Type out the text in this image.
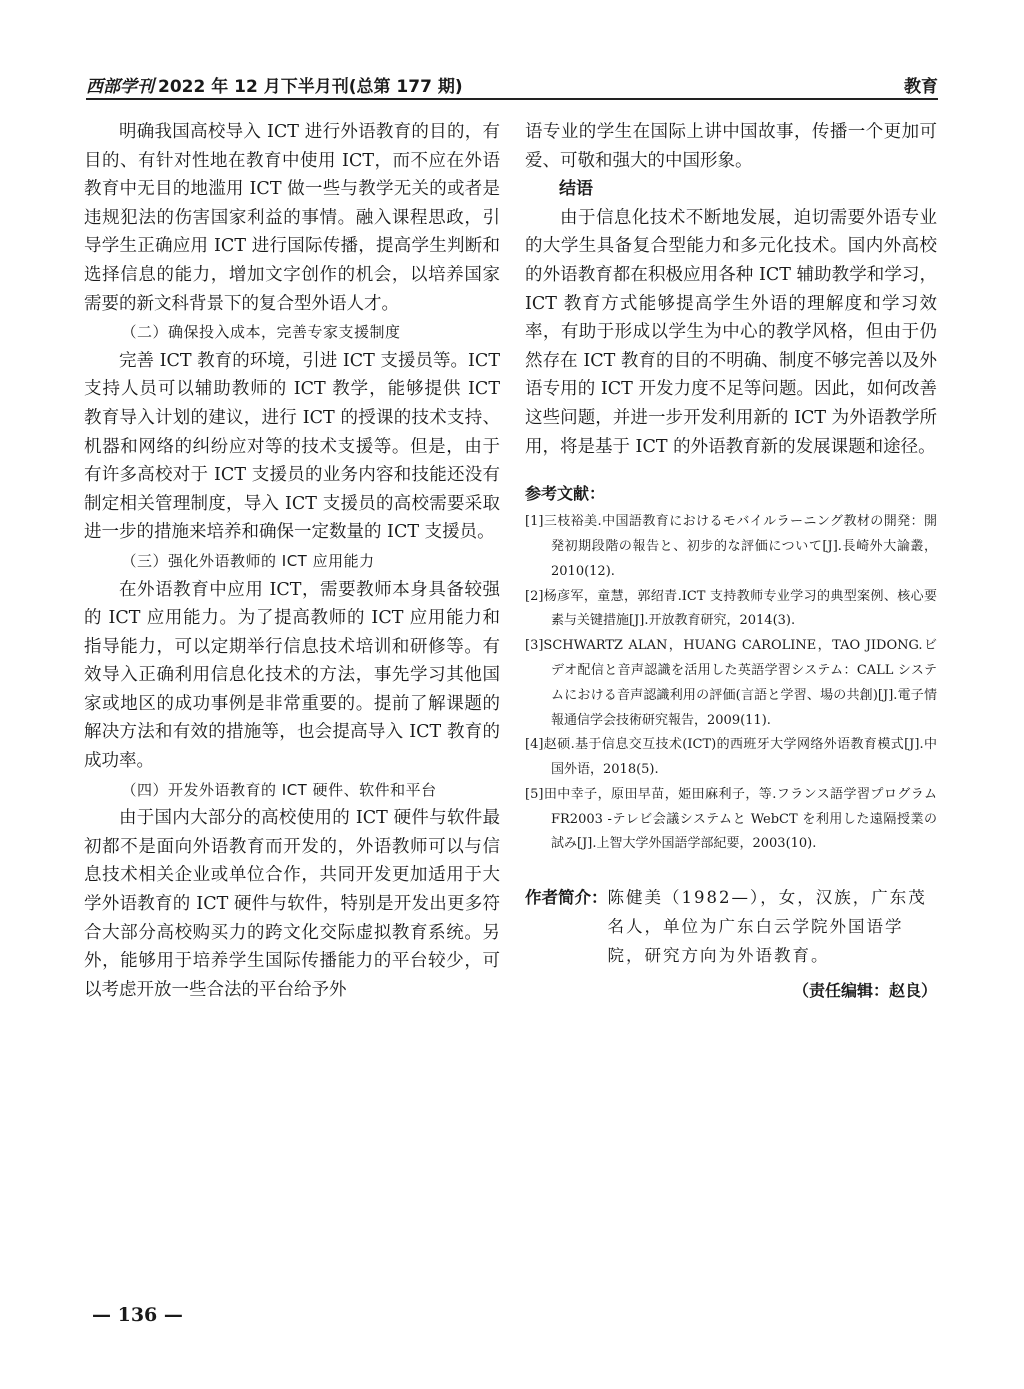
西部学刊 2022 年 12 月下半月刊(总第 177 期)	教育

明确我国高校导入 ICT 进行外语教育的目的，有目的、有针对性地在教育中使用 ICT，而不应在外语教育中无目的地滥用 ICT 做一些与教学无关的或者是违规犯法的伤害国家利益的事情。融入课程思政，引导学生正确应用 ICT 进行国际传播，提高学生判断和选择信息的能力，增加文字创作的机会，以培养国家需要的新文科背景下的复合型外语人才。

（二）确保投入成本，完善专家支援制度

完善 ICT 教育的环境，引进 ICT 支援员等。ICT 支持人员可以辅助教师的 ICT 教学，能够提供 ICT 教育导入计划的建议，进行 ICT 的授课的技术支持、机器和网络的纠纷应对等的技术支援等。但是，由于有许多高校对于 ICT 支援员的业务内容和技能还没有制定相关管理制度，导入 ICT 支援员的高校需要采取进一步的措施来培养和确保一定数量的 ICT 支援员。

（三）强化外语教师的 ICT 应用能力

在外语教育中应用 ICT，需要教师本身具备较强的 ICT 应用能力。为了提高教师的 ICT 应用能力和指导能力，可以定期举行信息技术培训和研修等。有效导入正确利用信息化技术的方法，事先学习其他国家或地区的成功事例是非常重要的。提前了解课题的解决方法和有效的措施等，也会提高导入 ICT 教育的成功率。

（四）开发外语教育的 ICT 硬件、软件和平台

由于国内大部分的高校使用的 ICT 硬件与软件最初都不是面向外语教育而开发的，外语教师可以与信息技术相关企业或单位合作，共同开发更加适用于大学外语教育的 ICT 硬件与软件，特别是开发出更多符合大部分高校购买力的跨文化交际虚拟教育系统。另外，能够用于培养学生国际传播能力的平台较少，可以考虑开放一些合法的平台给予外

语专业的学生在国际上讲中国故事，传播一个更加可爱、可敬和强大的中国形象。

结语

由于信息化技术不断地发展，迫切需要外语专业的大学生具备复合型能力和多元化技术。国内外高校的外语教育都在积极应用各种 ICT 辅助教学和学习，ICT 教育方式能够提高学生外语的理解度和学习效率，有助于形成以学生为中心的教学风格，但由于仍然存在 ICT 教育的目的不明确、制度不够完善以及外语专用的 ICT 开发力度不足等问题。因此，如何改善这些问题，并进一步开发利用新的 ICT 为外语教学所用，将是基于 ICT 的外语教育新的发展课题和途径。

参考文献：

[1]三枝裕美.中国語教育におけるモバイルラーニング教材の開発：開発初期段階の報告と、初步的な評価について[J].長崎外大論叢，2010(12).

[2]杨彦军，童慧，郭绍青.ICT 支持教师专业学习的典型案例、核心要素与关键措施[J].开放教育研究，2014(3).

[3]SCHWARTZ ALAN，HUANG CAROLINE，TAO JIDONG.ビデオ配信と音声認識を活用した英語学習システム：CALL システムにおける音声認識利用の評価(言語と学習、場の共創)[J].電子情報通信学会技術研究報告，2009(11).

[4]赵硕.基于信息交互技术(ICT)的西班牙大学网络外语教育模式[J].中国外语，2018(5).

[5]田中幸子，原田早苗，姫田麻利子，等.フランス語学習プログラム FR2003 -テレビ会議システムと WebCT を利用した遠隔授業の試み[J].上智大学外国語学部紀要，2003(10).

作者简介： 陈健美（1982—），女，汉族，广东茂名人，单位为广东白云学院外国语学院，研究方向为外语教育。
（责任编辑：赵良）
— 136 —
